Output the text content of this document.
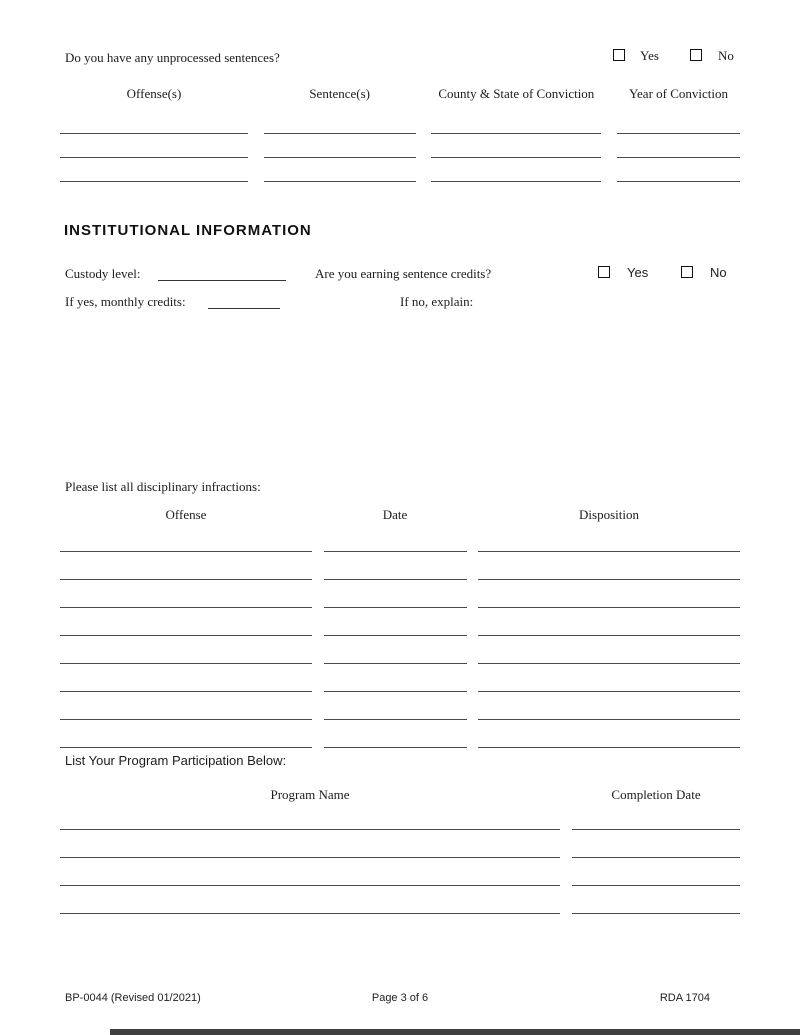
Do you have any unprocessed sentences?	Yes	No
Offense(s)	Sentence(s)	County & State of Conviction	Year of Conviction
INSTITUTIONAL INFORMATION
Custody level:	Are you earning sentence credits?	Yes	No
If yes, monthly credits:	If no, explain:
Please list all disciplinary infractions:
Offense	Date	Disposition
List Your Program Participation Below:
Program Name	Completion Date
BP-0044 (Revised 01/2021)	Page 3 of 6	RDA 1704
